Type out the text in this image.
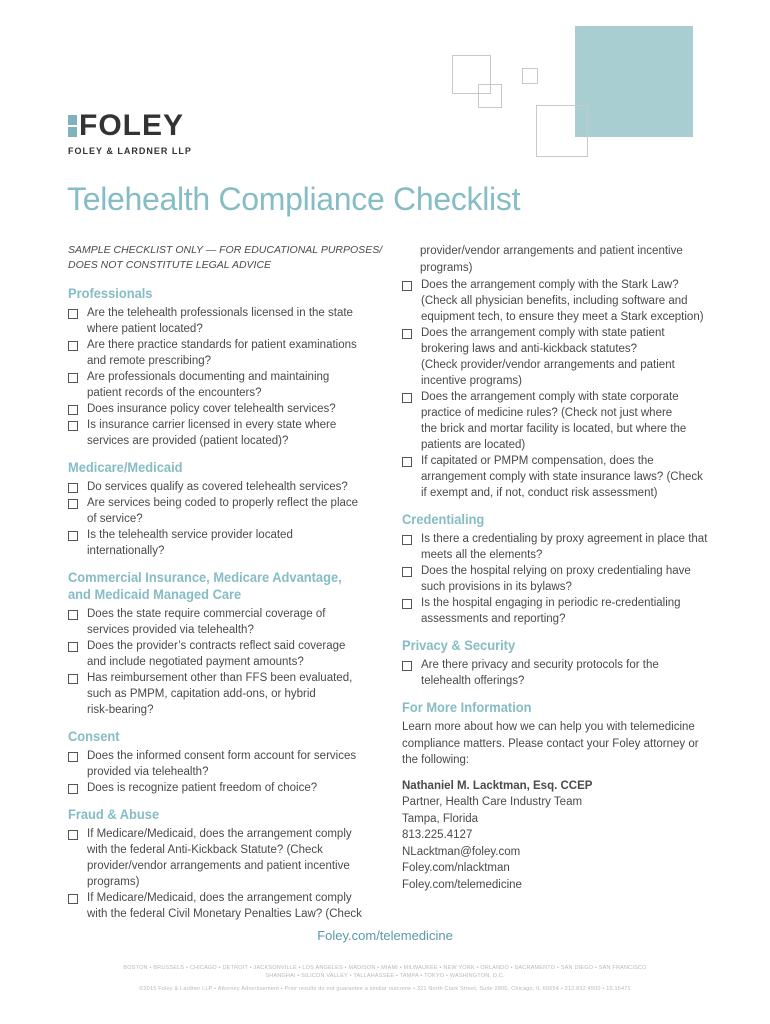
FOLEY
FOLEY & LARDNER LLP
Telehealth Compliance Checklist

SAMPLE CHECKLIST ONLY — FOR EDUCATIONAL PURPOSES/
DOES NOT CONSTITUTE LEGAL ADVICE

Professionals
Are the telehealth professionals licensed in the state
where patient located?
Are there practice standards for patient examinations
and remote prescribing?
Are professionals documenting and maintaining
patient records of the encounters?
Does insurance policy cover telehealth services?
Is insurance carrier licensed in every state where
services are provided (patient located)?
Medicare/Medicaid
Do services qualify as covered telehealth services?
Are services being coded to properly reflect the place
of service?
Is the telehealth service provider located
internationally?
Commercial Insurance, Medicare Advantage,
and Medicaid Managed Care
Does the state require commercial coverage of
services provided via telehealth?
Does the provider’s contracts reflect said coverage
and include negotiated payment amounts?
Has reimbursement other than FFS been evaluated,
such as PMPM, capitation add-ons, or hybrid
risk-bearing?
Consent
Does the informed consent form account for services
provided via telehealth?
Does is recognize patient freedom of choice?
Fraud & Abuse
If Medicare/Medicaid, does the arrangement comply
with the federal Anti-Kickback Statute? (Check
provider/vendor arrangements and patient incentive
programs)
If Medicare/Medicaid, does the arrangement comply
with the federal Civil Monetary Penalties Law? (Check
provider/vendor arrangements and patient incentive
programs)
Does the arrangement comply with the Stark Law?
(Check all physician benefits, including software and
equipment tech, to ensure they meet a Stark exception)
Does the arrangement comply with state patient
brokering laws and anti-kickback statutes?
(Check provider/vendor arrangements and patient
incentive programs)
Does the arrangement comply with state corporate
practice of medicine rules? (Check not just where
the brick and mortar facility is located, but where the
patients are located)
If capitated or PMPM compensation, does the
arrangement comply with state insurance laws? (Check
if exempt and, if not, conduct risk assessment)
Credentialing
Is there a credentialing by proxy agreement in place that
meets all the elements?
Does the hospital relying on proxy credentialing have
such provisions in its bylaws?
Is the hospital engaging in periodic re-credentialing
assessments and reporting?
Privacy & Security
Are there privacy and security protocols for the
telehealth offerings?
For More Information

Learn more about how we can help you with telemedicine
compliance matters. Please contact your Foley attorney or
the following:

Nathaniel M. Lacktman, Esq. CCEP
Partner, Health Care Industry Team
Tampa, Florida
813.225.4127
NLacktman@foley.com
Foley.com/nlacktman
Foley.com/telemedicine
Foley.com/telemedicine
BOSTON • BRUSSELS • CHICAGO • DETROIT • JACKSONVILLE • LOS ANGELES • MADISON • MIAMI • MILWAUKEE • NEW YORK • ORLANDO • SACRAMENTO • SAN DIEGO • SAN FRANCISCO
SHANGHAI • SILICON VALLEY • TALLAHASSEE • TAMPA • TOKYO • WASHINGTON, D.C.
©2015 Foley & Lardner LLP • Attorney Advertisement • Prior results do not guarantee a similar outcome • 321 North Clark Street, Suite 2800, Chicago, IL 60654 • 312.832.4500 • 15.15471
